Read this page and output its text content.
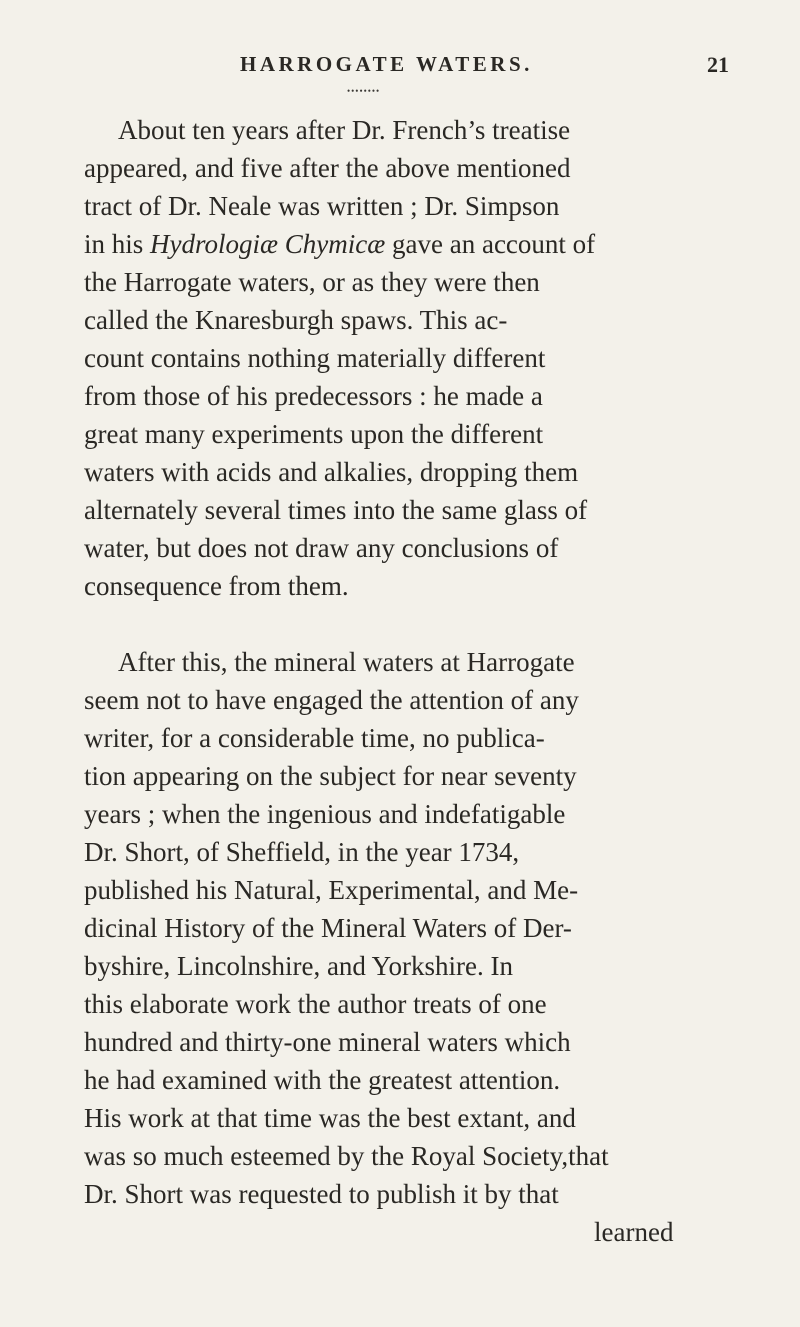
HARROGATE WATERS.	21
••••••••
About ten years after Dr. French’s treatise
appeared, and five after the above mentioned
tract of Dr. Neale was written ; Dr. Simpson
in his Hydrologiæ Chymicæ gave an account of
the Harrogate waters, or as they were then
called the Knaresburgh spaws. This ac-
count contains nothing materially different
from those of his predecessors : he made a
great many experiments upon the different
waters with acids and alkalies, dropping them
alternately several times into the same glass of
water, but does not draw any conclusions of
consequence from them.
After this, the mineral waters at Harrogate
seem not to have engaged the attention of any
writer, for a considerable time, no publica-
tion appearing on the subject for near seventy
years ; when the ingenious and indefatigable
Dr. Short, of Sheffield, in the year 1734,
published his Natural, Experimental, and Me-
dicinal History of the Mineral Waters of Der-
byshire, Lincolnshire, and Yorkshire. In
this elaborate work the author treats of one
hundred and thirty-one mineral waters which
he had examined with the greatest attention.
His work at that time was the best extant, and
was so much esteemed by the Royal Society,that
Dr. Short was requested to publish it by that
learned
